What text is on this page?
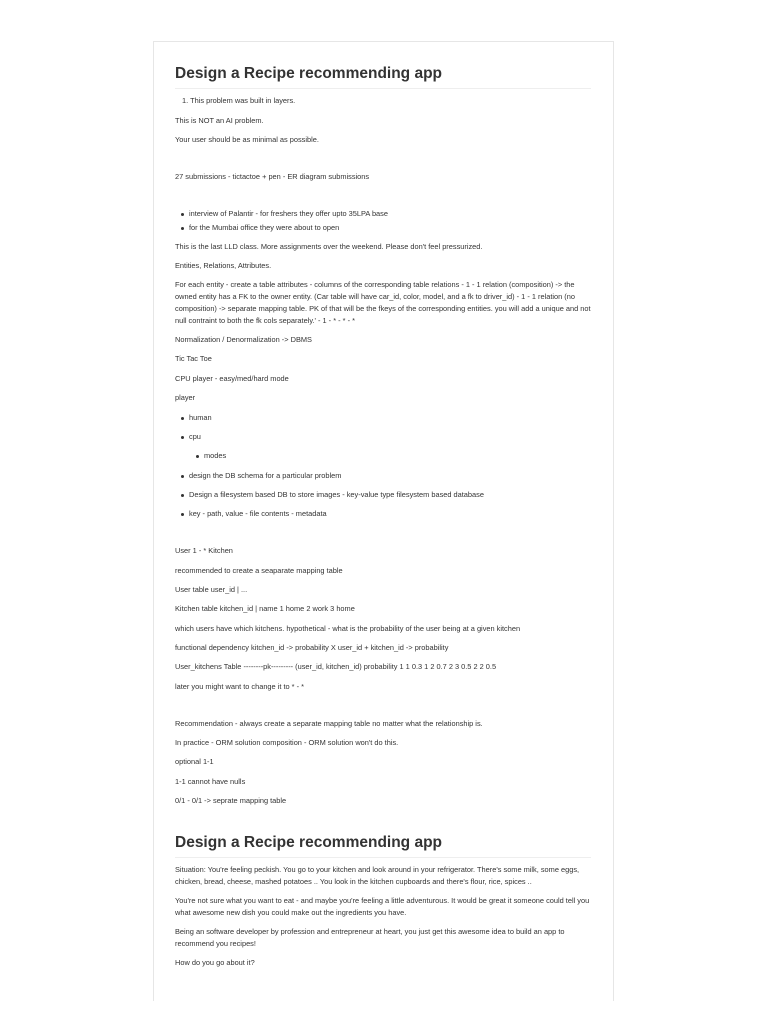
Design a Recipe recommending app
1. This problem was built in layers.
This is NOT an AI problem.
Your user should be as minimal as possible.
27 submissions - tictactoe + pen - ER diagram submissions
interview of Palantir - for freshers they offer upto 35LPA base
for the Mumbai office they were about to open
This is the last LLD class. More assignments over the weekend. Please don't feel pressurized.
Entities, Relations, Attributes.
For each entity - create a table attributes - columns of the corresponding table relations - 1 - 1 relation (composition) -> the owned entity has a FK to the owner entity. (Car table will have car_id, color, model, and a fk to driver_id) - 1 - 1 relation (no composition) -> separate mapping table. PK of that will be the fkeys of the corresponding entities. you will add a unique and not null contraint to both the fk cols separately.' - 1 - * - * - *
Normalization / Denormalization -> DBMS
Tic Tac Toe
CPU player - easy/med/hard mode
player
human
cpu
modes
design the DB schema for a particular problem
Design a filesystem based DB to store images - key-value type filesystem based database
key - path, value - file contents - metadata
User 1 - * Kitchen
recommended to create a seaparate mapping table
User table user_id | ...
Kitchen table kitchen_id | name 1 home 2 work 3 home
which users have which kitchens. hypothetical - what is the probability of the user being at a given kitchen
functional dependency kitchen_id -> probability X user_id + kitchen_id -> probability
User_kitchens Table --------pk--------- (user_id, kitchen_id) probability 1 1 0.3 1 2 0.7 2 3 0.5 2 2 0.5
later you might want to change it to * - *
Recommendation - always create a separate mapping table no matter what the relationship is.
In practice - ORM solution composition - ORM solution won't do this.
optional 1-1
1-1 cannot have nulls
0/1 - 0/1 -> seprate mapping table
Design a Recipe recommending app
Situation: You're feeling peckish. You go to your kitchen and look around in your refrigerator. There's some milk, some eggs, chicken, bread, cheese, mashed potatoes .. You look in the kitchen cupboards and there's flour, rice, spices ..
You're not sure what you want to eat - and maybe you're feeling a little adventurous. It would be great it someone could tell you what awesome new dish you could make out the ingredients you have.
Being an software developer by profession and entrepreneur at heart, you just get this awesome idea to build an app to recommend you recipes!
How do you go about it?
